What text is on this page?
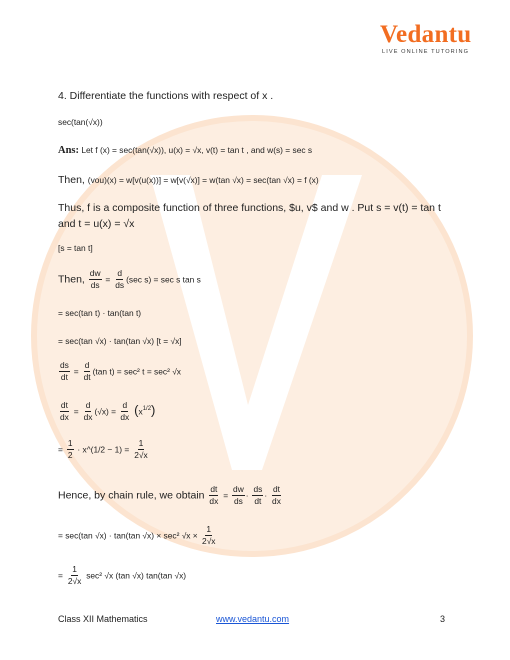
Vedantu
LIVE ONLINE TUTORING
4. Differentiate the functions with respect of x .
sec(tan(√x))
Ans: Let f (x) = sec(tan(√x)), u(x) = √x, v(t) = tan t , and w(s) = sec s
Then, (vou)(x) = w[v(u(x))] = w[v(√x)] = w(tan √x) = sec(tan √x) = f (x)
Thus, f is a composite function of three functions, $u, v$ and w . Put s = v(t) = tan t
and t = u(x) = √x
[s = tan t]
Then, $\frac{dw}{ds} = \frac{d}{ds} (\sec$ s) = sec s tan s
= sec(tan t) · tan(tan t)
= sec(tan √x) · tan(tan √x) [t = √x]
$\frac{ds}{dt} = \frac{d}{dt} (\tan$ t) = sec² t = sec² √x
$\frac{dt}{dx} = \frac{d}{dx} (√x) = \frac{d}{dx} (x^{1/2})$
= $\frac{1}{2}$ · x^(1/2 − $1) = \frac{1}{2√x}$
Hence, by chain rule, we obtain $\frac{dt}{dx} = \frac{dw}{ds} \cdot \frac{ds}{dt} \cdot \frac{dt}{dx}$
= sec(tan √x) · tan(tan √x) × sec² $√x \times \frac{1}{2√x}$
= $\frac{1}{2√x} \sec^2$ √x (tan √x) tan(tan √x)
Class XII Mathematics	www.vedantu.com	3
